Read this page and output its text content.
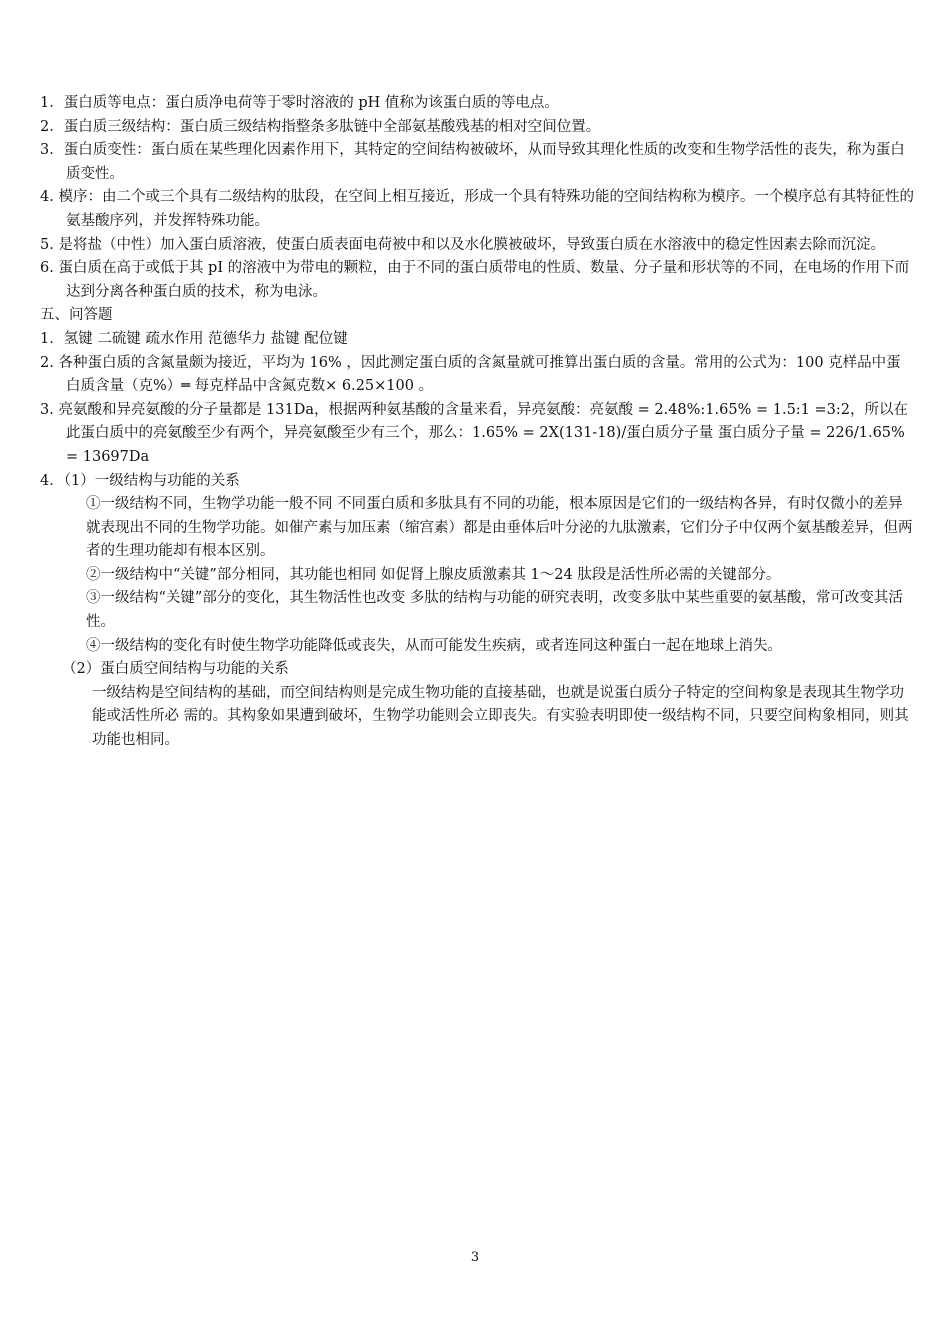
1．蛋白质等电点：蛋白质净电荷等于零时溶液的 pH 值称为该蛋白质的等电点。

2．蛋白质三级结构：蛋白质三级结构指整条多肽链中全部氨基酸残基的相对空间位置。

3．蛋白质变性：蛋白质在某些理化因素作用下，其特定的空间结构被破坏，从而导致其理化性质的改变和生物学活性的丧失，称为蛋白质变性。

4. 模序：由二个或三个具有二级结构的肽段，在空间上相互接近，形成一个具有特殊功能的空间结构称为模序。一个模序总有其特征性的氨基酸序列，并发挥特殊功能。

5. 是将盐（中性）加入蛋白质溶液，使蛋白质表面电荷被中和以及水化膜被破坏，导致蛋白质在水溶液中的稳定性因素去除而沉淀。

6. 蛋白质在高于或低于其 pI 的溶液中为带电的颗粒，由于不同的蛋白质带电的性质、数量、分子量和形状等的不同，在电场的作用下而达到分离各种蛋白质的技术，称为电泳。

五、问答题

1．氢键 二硫键 疏水作用 范德华力 盐键 配位键

2. 各种蛋白质的含氮量颇为接近，平均为 16% ，因此测定蛋白质的含氮量就可推算出蛋白质的含量。常用的公式为：100 克样品中蛋白质含量（克%）═ 每克样品中含氮克数× 6.25×100 。

3. 亮氨酸和异亮氨酸的分子量都是 131Da，根据两种氨基酸的含量来看，异亮氨酸：亮氨酸 = 2.48%:1.65% = 1.5:1 =3:2，所以在此蛋白质中的亮氨酸至少有两个，异亮氨酸至少有三个，那么：1.65% = 2X(131-18)/蛋白质分子量 蛋白质分子量 = 226/1.65% = 13697Da

4．（1）一级结构与功能的关系

①一级结构不同，生物学功能一般不同 不同蛋白质和多肽具有不同的功能，根本原因是它们的一级结构各异，有时仅微小的差异就表现出不同的生物学功能。如催产素与加压素（缩宫素）都是由垂体后叶分泌的九肽激素，它们分子中仅两个氨基酸差异，但两者的生理功能却有根本区别。

②一级结构中“关键”部分相同，其功能也相同 如促肾上腺皮质激素其 1～24 肽段是活性所必需的关键部分。

③一级结构“关键”部分的变化，其生物活性也改变 多肽的结构与功能的研究表明，改变多肽中某些重要的氨基酸，常可改变其活性。

④一级结构的变化有时使生物学功能降低或丧失，从而可能发生疾病，或者连同这种蛋白一起在地球上消失。

（2）蛋白质空间结构与功能的关系

一级结构是空间结构的基础，而空间结构则是完成生物功能的直接基础，也就是说蛋白质分子特定的空间构象是表现其生物学功能或活性所必 需的。其构象如果遭到破坏，生物学功能则会立即丧失。有实验表明即使一级结构不同，只要空间构象相同，则其功能也相同。

3
